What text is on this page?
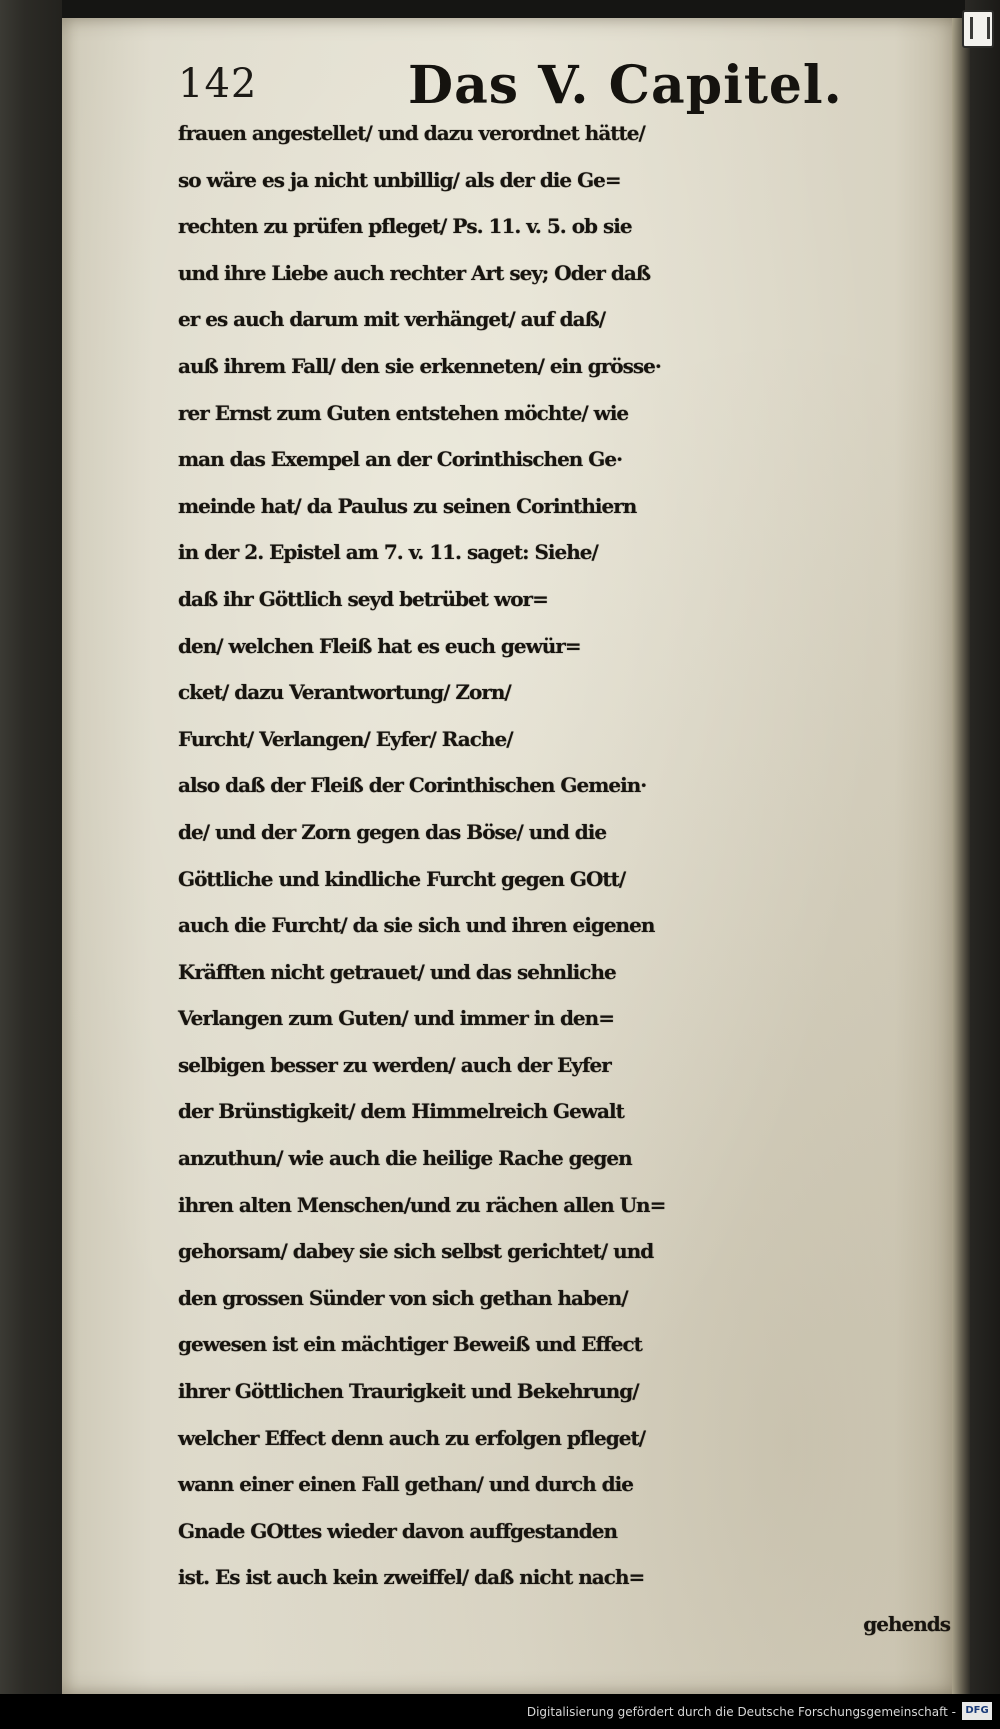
142	Das V. Capitel.
frauen angestellet/ und dazu verordnet hätte/
so wäre es ja nicht unbillig/ als der die Ge=
rechten zu prüfen pfleget/ Ps. 11. v. 5. ob sie
und ihre Liebe auch rechter Art sey; Oder daß
er es auch darum mit verhänget/ auf daß/
auß ihrem Fall/ den sie erkenneten/ ein grösse·
rer Ernst zum Guten entstehen möchte/ wie
man das Exempel an der Corinthischen Ge·
meinde hat/ da Paulus zu seinen Corinthiern
in der 2. Epistel am 7. v. 11. saget: Siehe/
daß ihr Göttlich seyd betrübet wor=
den/ welchen Fleiß hat es euch gewür=
cket/ dazu Verantwortung/ Zorn/
Furcht/ Verlangen/ Eyfer/ Rache/
also daß der Fleiß der Corinthischen Gemein·
de/ und der Zorn gegen das Böse/ und die
Göttliche und kindliche Furcht gegen GOtt/
auch die Furcht/ da sie sich und ihren eigenen
Kräfften nicht getrauet/ und das sehnliche
Verlangen zum Guten/ und immer in den=
selbigen besser zu werden/ auch der Eyfer
der Brünstigkeit/ dem Himmelreich Gewalt
anzuthun/ wie auch die heilige Rache gegen
ihren alten Menschen/und zu rächen allen Un=
gehorsam/ dabey sie sich selbst gerichtet/ und
den grossen Sünder von sich gethan haben/
gewesen ist ein mächtiger Beweiß und Effect
ihrer Göttlichen Traurigkeit und Bekehrung/
welcher Effect denn auch zu erfolgen pfleget/
wann einer einen Fall gethan/ und durch die
Gnade GOttes wieder davon auffgestanden
ist. Es ist auch kein zweiffel/ daß nicht nach=
gehends
Digitalisierung gefördert durch die Deutsche Forschungsgemeinschaft - DFG
